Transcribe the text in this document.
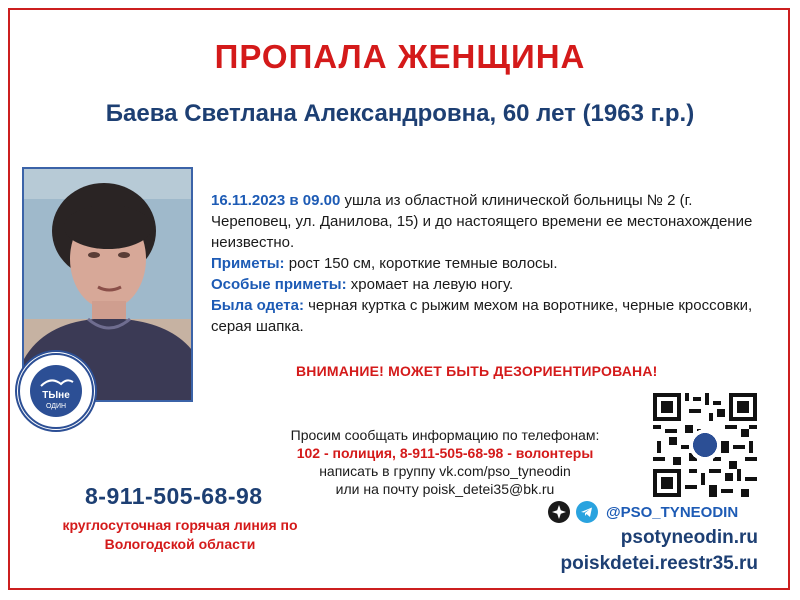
ПРОПАЛА ЖЕНЩИНА
Баева Светлана Александровна, 60 лет (1963 г.р.)
ТЫне
ОДИН
16.11.2023 в 09.00 ушла из областной клинической больницы № 2 (г. Череповец, ул. Данилова, 15) и до настоящего времени ее местонахождение неизвестно.
Приметы: рост 150 см, короткие темные волосы.
Особые приметы: хромает на левую ногу.
Была одета: черная куртка с рыжим мехом на воротнике, черные кроссовки, серая шапка.
ВНИМАНИЕ! МОЖЕТ БЫТЬ ДЕЗОРИЕНТИРОВАНА!
Просим сообщать информацию по телефонам:
102 - полиция, 8-911-505-68-98 - волонтеры
написать в группу vk.com/pso_tyneodin
или на почту poisk_detei35@bk.ru
8-911-505-68-98
круглосуточная горячая линия по
Вологодской области
@PSO_TYNEODIN
psotyneodin.ru
poiskdetei.reestr35.ru
